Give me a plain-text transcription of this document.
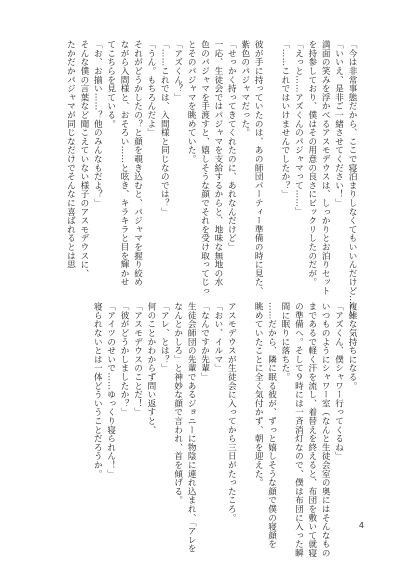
「今は非常事態だから、ここで寝泊まりしなくてもいいんだけど……」
「いいえ、是非ご一緒させてください！」
満面の笑みを浮かべるアスモデウスは、しっかりとお泊りセット
を持参しており、僕はその用意の良さにビックリしたのだが。
「えっと……アズくんのパジャマって……」
「……これではいけませんでしたか？」
彼が手に持っていたのは、あの師団パーティー準備の時に見た、
紫色のパジャマだった。
「せっかく持ってきてくれたのに、あれなんだけど」
一応、生徒会ではパジャマを支給するからと、地味な無地の水
色のパジャマを手渡すと、嬉しそうな顔でそれを受け取ってじっ
とそのパジャマを眺めていた。
「アズくん？」
「……これでは、入間様と同じなのでは？」
「うん。もちろんだよ」
それがどうかしたの？と顔を覗き込むと、パジャマを握り絞め
ながら入間様と、おそろい……と呟き、キラキラと目を輝かせ
てこちらを見ている。
「お、お揃い……？他のみんなもだよ？」
そんな僕の言葉など聞こえていない様子のアスモデウスに、
たかだかパジャマが同じなだけでそんなに喜ばれるとは思
複雑な気持ちになる。
「アズくん、僕シャワー行ってくるね」
いつものようにシャワー室（なんと生徒会室の奥にはそんなもの
まであるで軽く汗を流し、着替えを終えると、布団を敷いて就寝
の準備へ。そして９時には一斉消灯なので、僕は布団に入った瞬
間に眠りに落ちた。
……だから、隣に眠る彼が、ずっと嬉しそうな顔で僕の寝顔を
眺めていたことに全く気付かず、朝を迎えた。
アスモデウスが生徒会に入ってから三日がたったころ。
「おい、イルマ」
「なんですか先輩」
生徒会師団の先輩であるジョニーに物陰に連れ込まれ、「アレを
なんとかしろ」と神妙な顔で言われ、首を傾げる。
「アレ、とは？」
何のことかわからず問い返すと、
「アスモデウスのことだ！」
「彼がどうかしましたか？」
「アイツのせいで……ゆっくり寝られん！」
寝られないとは一体どういうことだろうか。
4
